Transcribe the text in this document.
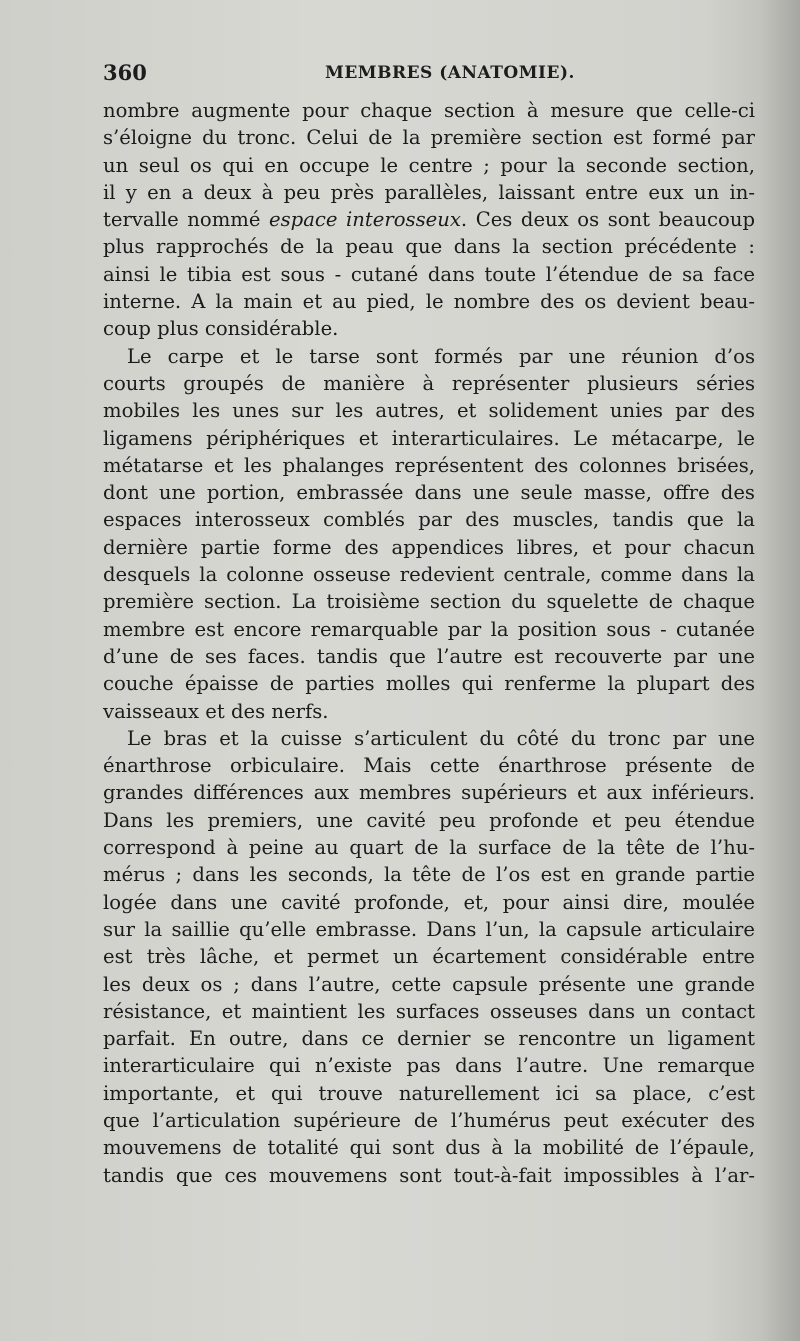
360	MEMBRES (ANATOMIE).
nombre augmente pour chaque section à mesure que celle-ci
s’éloigne du tronc. Celui de la première section est formé par
un seul os qui en occupe le centre ; pour la seconde section,
il y en a deux à peu près parallèles, laissant entre eux un in-
tervalle nommé espace interosseux. Ces deux os sont beaucoup
plus rapprochés de la peau que dans la section précédente :
ainsi le tibia est sous - cutané dans toute l’étendue de sa face
interne. A la main et au pied, le nombre des os devient beau-
coup plus considérable.
Le carpe et le tarse sont formés par une réunion d’os
courts groupés de manière à représenter plusieurs séries
mobiles les unes sur les autres, et solidement unies par des
ligamens périphériques et interarticulaires. Le métacarpe, le
métatarse et les phalanges représentent des colonnes brisées,
dont une portion, embrassée dans une seule masse, offre des
espaces interosseux comblés par des muscles, tandis que la
dernière partie forme des appendices libres, et pour chacun
desquels la colonne osseuse redevient centrale, comme dans la
première section. La troisième section du squelette de chaque
membre est encore remarquable par la position sous - cutanée
d’une de ses faces. tandis que l’autre est recouverte par une
couche épaisse de parties molles qui renferme la plupart des
vaisseaux et des nerfs.
Le bras et la cuisse s’articulent du côté du tronc par une
énarthrose orbiculaire. Mais cette énarthrose présente de
grandes différences aux membres supérieurs et aux inférieurs.
Dans les premiers, une cavité peu profonde et peu étendue
correspond à peine au quart de la surface de la tête de l’hu-
mérus ; dans les seconds, la tête de l’os est en grande partie
logée dans une cavité profonde, et, pour ainsi dire, moulée
sur la saillie qu’elle embrasse. Dans l’un, la capsule articulaire
est très lâche, et permet un écartement considérable entre
les deux os ; dans l’autre, cette capsule présente une grande
résistance, et maintient les surfaces osseuses dans un contact
parfait. En outre, dans ce dernier se rencontre un ligament
interarticulaire qui n’existe pas dans l’autre. Une remarque
importante, et qui trouve naturellement ici sa place, c’est
que l’articulation supérieure de l’humérus peut exécuter des
mouvemens de totalité qui sont dus à la mobilité de l’épaule,
tandis que ces mouvemens sont tout-à-fait impossibles à l’ar-
